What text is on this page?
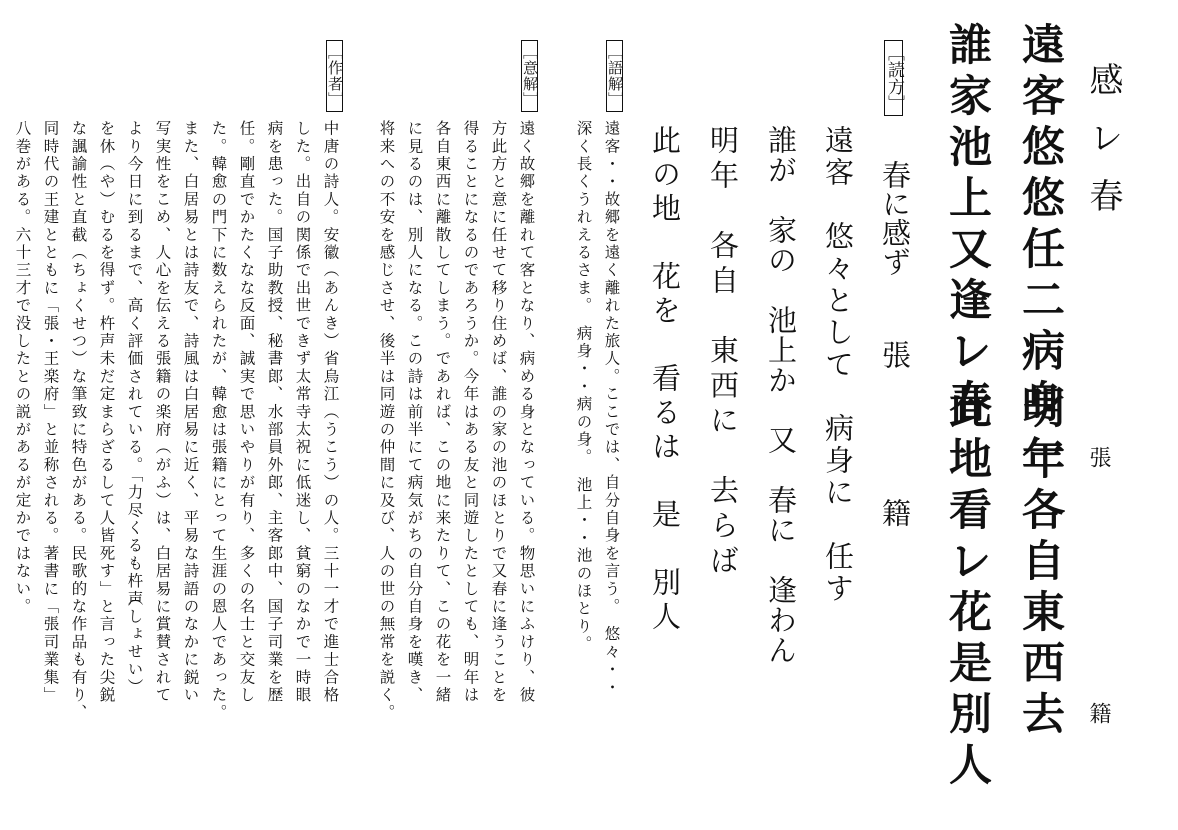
感レ春
張　籍
遠客悠悠任二病身一
誰家池上又逢レ春
明年各自東西去
此地看レ花是別人
［読方］
春に感ず
張　籍
遠客　悠々として　病身に　任す
誰が　家の　池上か　又　春に　逢わん
明年　各自　東西に　去らば
此の地　花を　看るは　是　別人
［語解］
遠客・・故郷を遠く離れた旅人。ここでは、自分自身を言う。　悠々・・
深く長くうれえるさま。　病身・・病の身。　池上・・池のほとり。
［意解］
遠く故郷を離れて客となり、病める身となっている。物思いにふけり、彼
方此方と意に任せて移り住めば、誰の家の池のほとりで又春に逢うことを
得ることになるのであろうか。今年はある友と同遊したとしても、明年は
各自東西に離散してしまう。であれば、この地に来たりて、この花を一緒
に見るのは、別人になる。この詩は前半にて病気がちの自分自身を嘆き、
将来への不安を感じさせ、後半は同遊の仲間に及び、人の世の無常を説く。
［作者］
中唐の詩人。安徽（あんき）省烏江（うこう）の人。三十一才で進士合格
した。出自の関係で出世できず太常寺太祝に低迷し、貧窮のなかで一時眼
病を患った。国子助教授、秘書郎、水部員外郎、主客郎中、国子司業を歴
任。剛直でかたくなな反面、誠実で思いやりが有り、多くの名士と交友し
た。韓愈の門下に数えられたが、韓愈は張籍にとって生涯の恩人であった。
また、白居易とは詩友で、詩風は白居易に近く、平易な詩語のなかに鋭い
写実性をこめ、人心を伝える張籍の楽府（がふ）は、白居易に賞賛されて
より今日に到るまで、高く評価されている。「力尽くるも杵声
（しょせい）
を休（や）むるを得ず。杵声未だ定まらざるして人皆死す」と言った尖鋭
な諷諭性と直截（ちょくせつ）な筆致に特色がある。民歌的な作品も有り、
同時代の王建とともに「張・王楽府」と並称される。著書に「張司業集」
八巻がある。六十三才で没したとの説があるが定かではない。
